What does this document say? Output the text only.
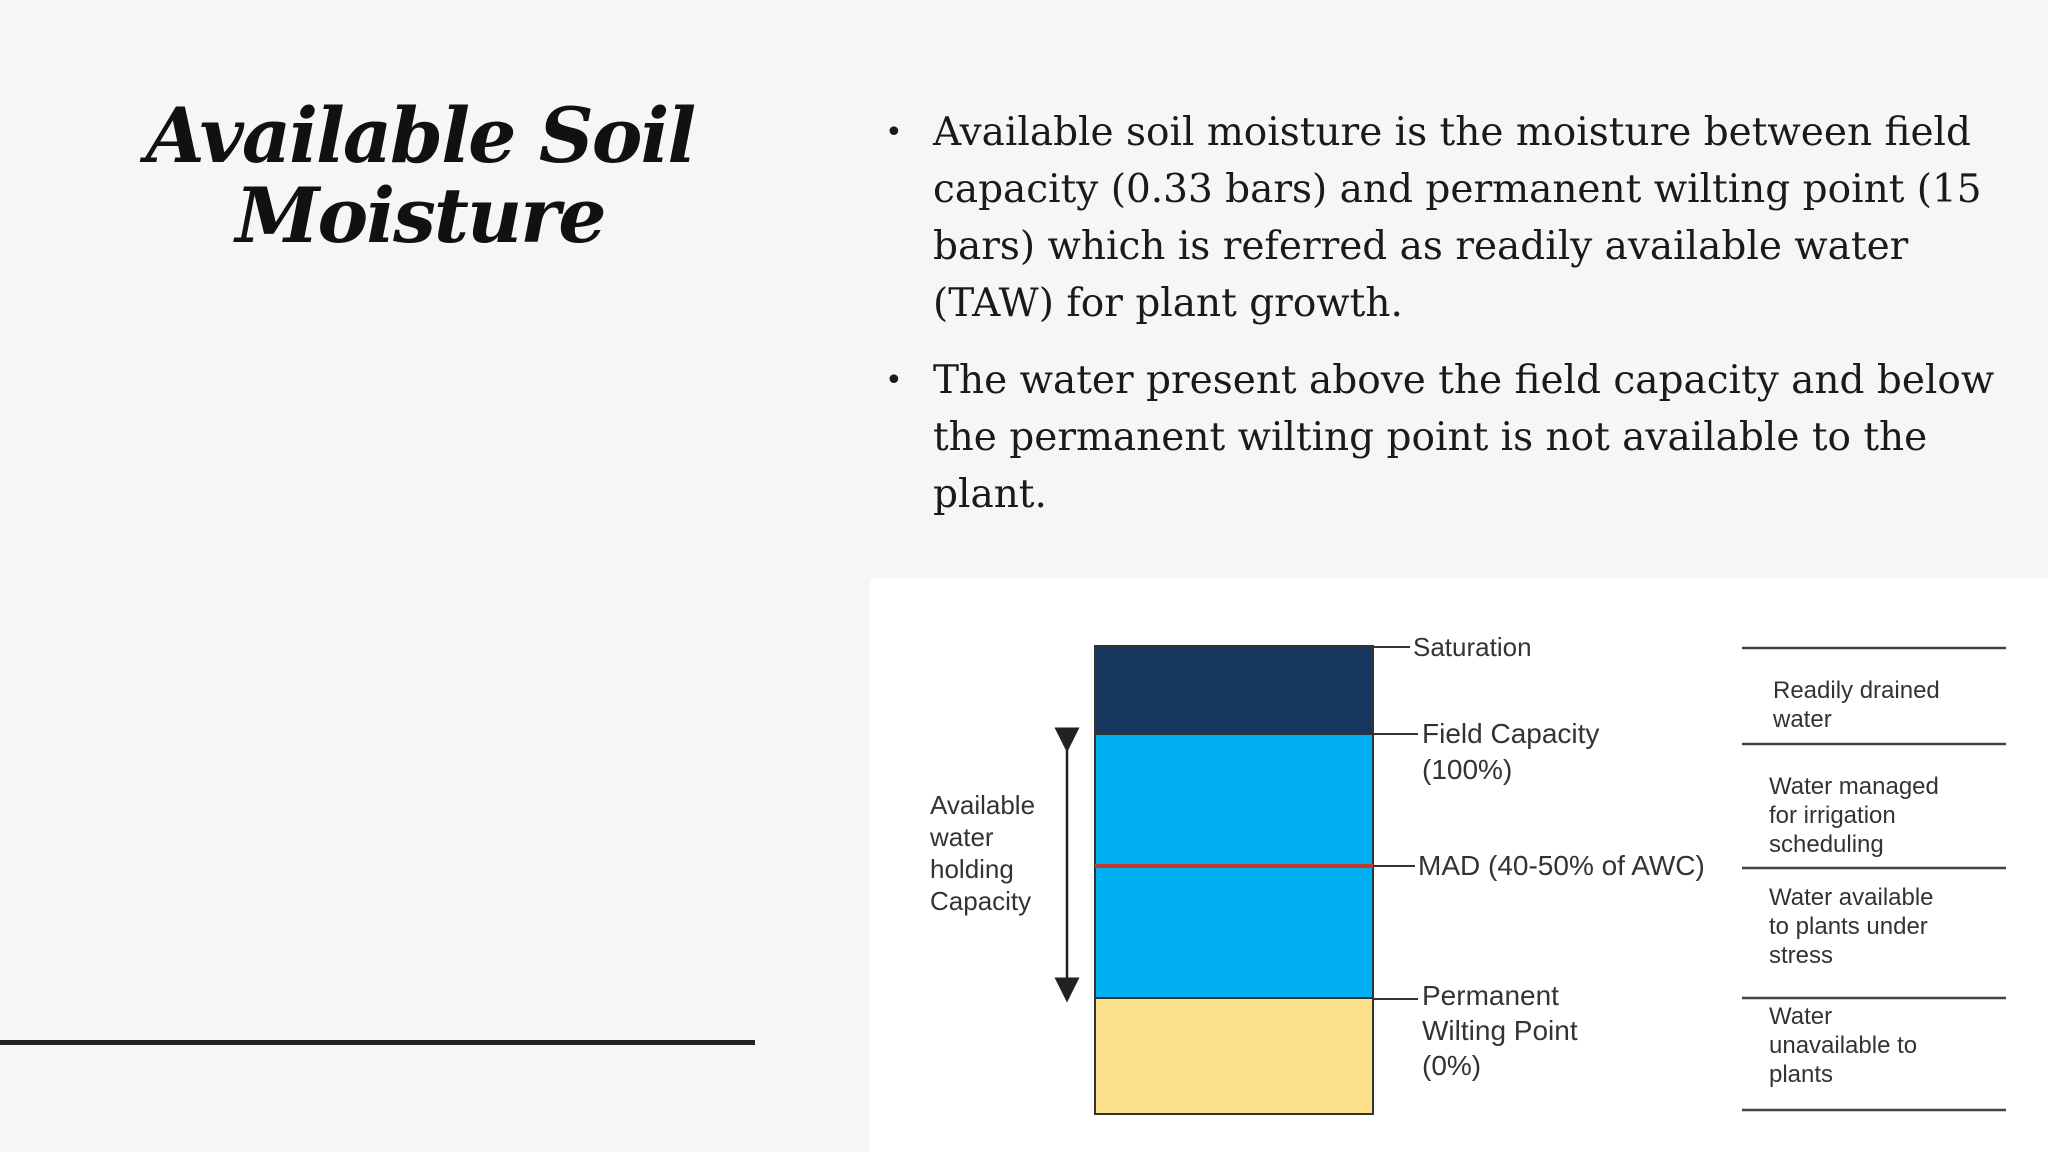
Available Soil Moisture
• Available soil moisture is the moisture between field capacity (0.33 bars) and permanent wilting point (15 bars) which is referred as readily available water (TAW) for plant growth.
• The water present above the field capacity and below the permanent wilting point is not available to the plant.
Available water holding Capacity
Saturation
Field Capacity (100%)
MAD (40-50% of AWC)
Permanent Wilting Point (0%)
Readily drained water
Water managed for irrigation scheduling
Water available to plants under stress
Water unavailable to plants
